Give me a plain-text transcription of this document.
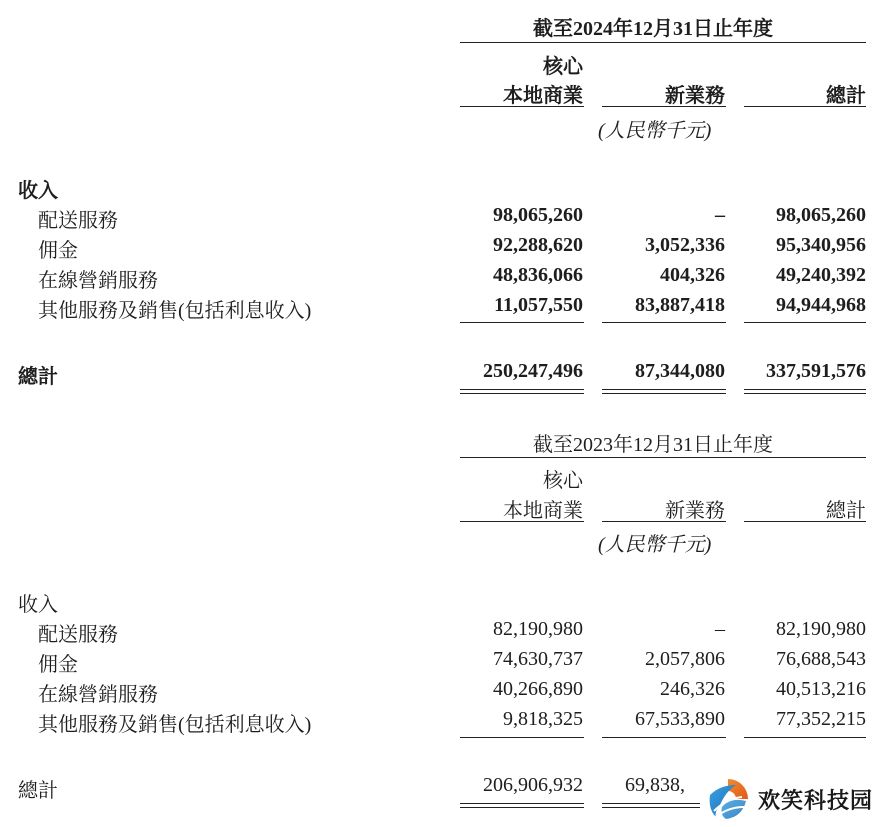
截至2024年12月31日止年度
核心
本地商業	新業務	總計
(人民幣千元)
收入
配送服務	98,065,260	–	98,065,260
佣金	92,288,620	3,052,336	95,340,956
在線營銷服務	48,836,066	404,326	49,240,392
其他服務及銷售(包括利息收入)	11,057,550	83,887,418	94,944,968
總計	250,247,496	87,344,080 337,591,576
截至2023年12月31日止年度
核心
本地商業	新業務	總計
(人民幣千元)
收入
配送服務	82,190,980	–	82,190,980
佣金	74,630,737	2,057,806	76,688,543
在線營銷服務	40,266,890	246,326	40,513,216
其他服務及銷售(包括利息收入)	9,818,325	67,533,890	77,352,215
總計	206,906,932 69,838,
欢笑科技园
